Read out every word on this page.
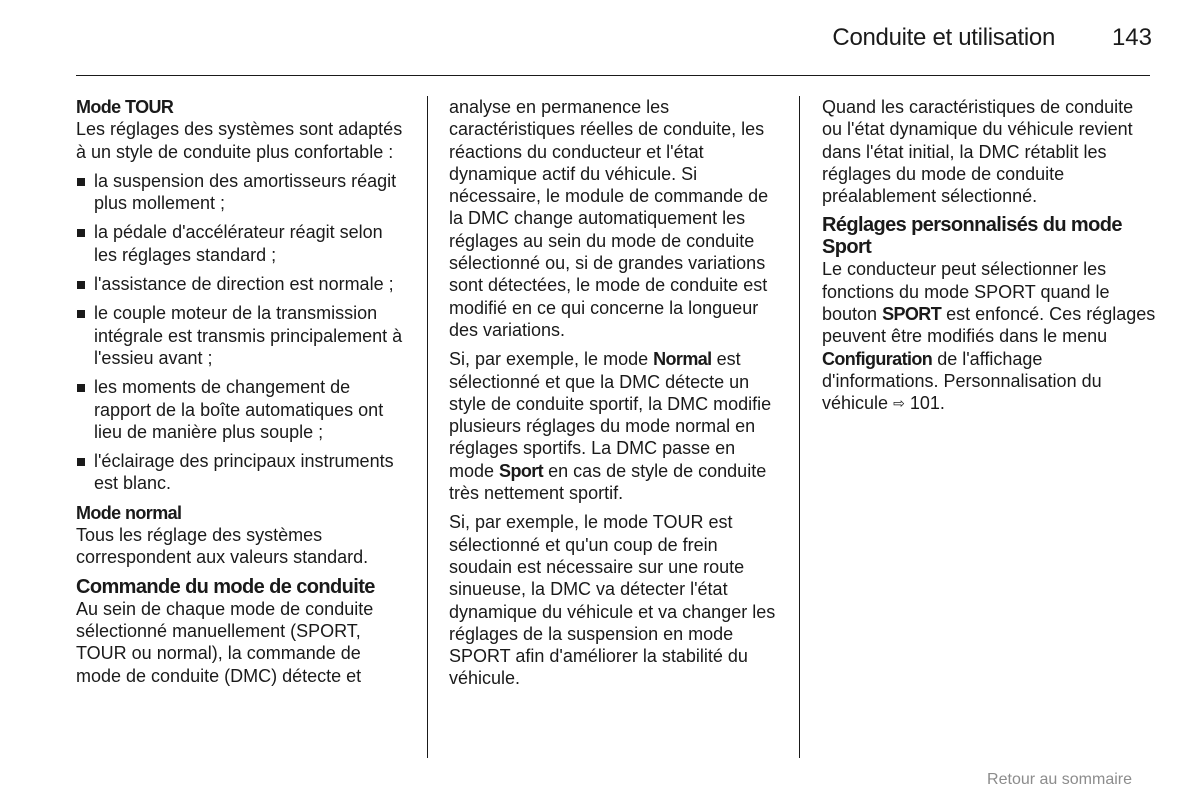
Conduite et utilisation 143
Mode TOUR

Les réglages des systèmes sont adaptés à un style de conduite plus confortable :

la suspension des amortisseurs réagit plus mollement ;
la pédale d'accélérateur réagit selon les réglages standard ;
l'assistance de direction est normale ;
le couple moteur de la transmission intégrale est transmis principalement à l'essieu avant ;
les moments de changement de rapport de la boîte automatiques ont lieu de manière plus souple ;
l'éclairage des principaux instruments est blanc.
Mode normal

Tous les réglage des systèmes correspondent aux valeurs standard.

Commande du mode de conduite

Au sein de chaque mode de conduite sélectionné manuellement (SPORT, TOUR ou normal), la commande de mode de conduite (DMC) détecte et

analyse en permanence les caractéristiques réelles de conduite, les réactions du conducteur et l'état dynamique actif du véhicule. Si nécessaire, le module de commande de la DMC change automatiquement les réglages au sein du mode de conduite sélectionné ou, si de grandes variations sont détectées, le mode de conduite est modifié en ce qui concerne la longueur des variations.

Si, par exemple, le mode Normal est sélectionné et que la DMC détecte un style de conduite sportif, la DMC modifie plusieurs réglages du mode normal en réglages sportifs. La DMC passe en mode Sport en cas de style de conduite très nettement sportif.

Si, par exemple, le mode TOUR est sélectionné et qu'un coup de frein soudain est nécessaire sur une route sinueuse, la DMC va détecter l'état dynamique du véhicule et va changer les réglages de la suspension en mode SPORT afin d'améliorer la stabilité du véhicule.

Quand les caractéristiques de conduite ou l'état dynamique du véhicule revient dans l'état initial, la DMC rétablit les réglages du mode de conduite préalablement sélectionné.

Réglages personnalisés du mode Sport

Le conducteur peut sélectionner les fonctions du mode SPORT quand le bouton SPORT est enfoncé. Ces réglages peuvent être modifiés dans le menu Configuration de l'affichage d'informations. Personnalisation du véhicule ⇨ 101.

Retour au sommaire
